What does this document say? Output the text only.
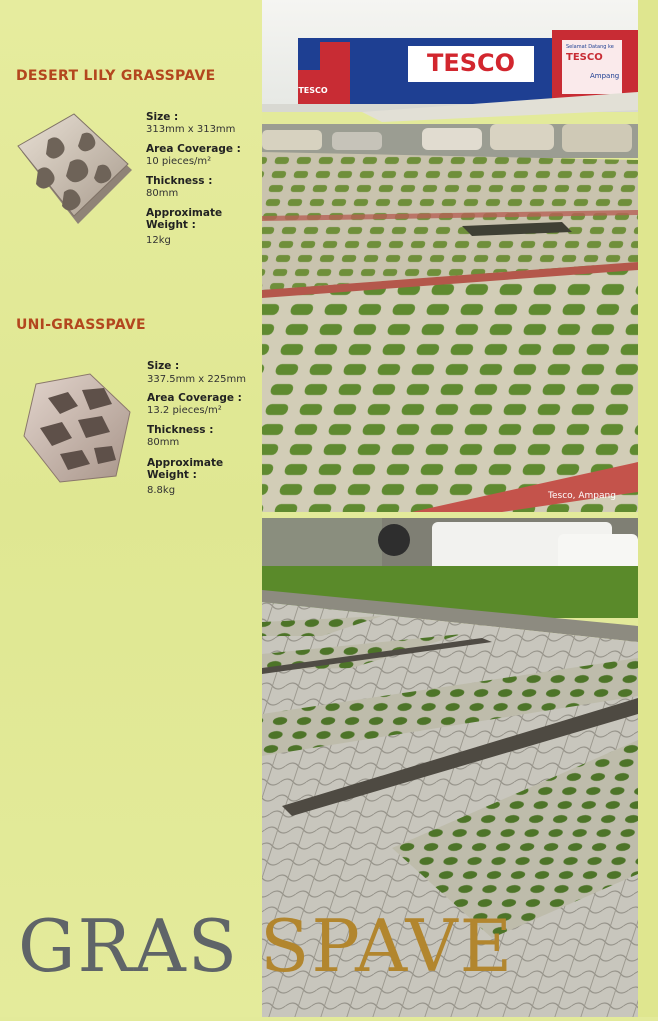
DESERT LILY GRASSPAVE
Size :
313mm x 313mm
Area Coverage :
10 pieces/m²
Thickness :
80mm
Approximate
Weight :
12kg
UNI-GRASSPAVE
Size :
337.5mm x 225mm
Area Coverage :
13.2 pieces/m²
Thickness :
80mm
Approximate
Weight :
8.8kg
TESCO
TESCO
Selamat Datang ke
TESCO
Ampang
Tesco, Ampang
GRAS SPAVE
